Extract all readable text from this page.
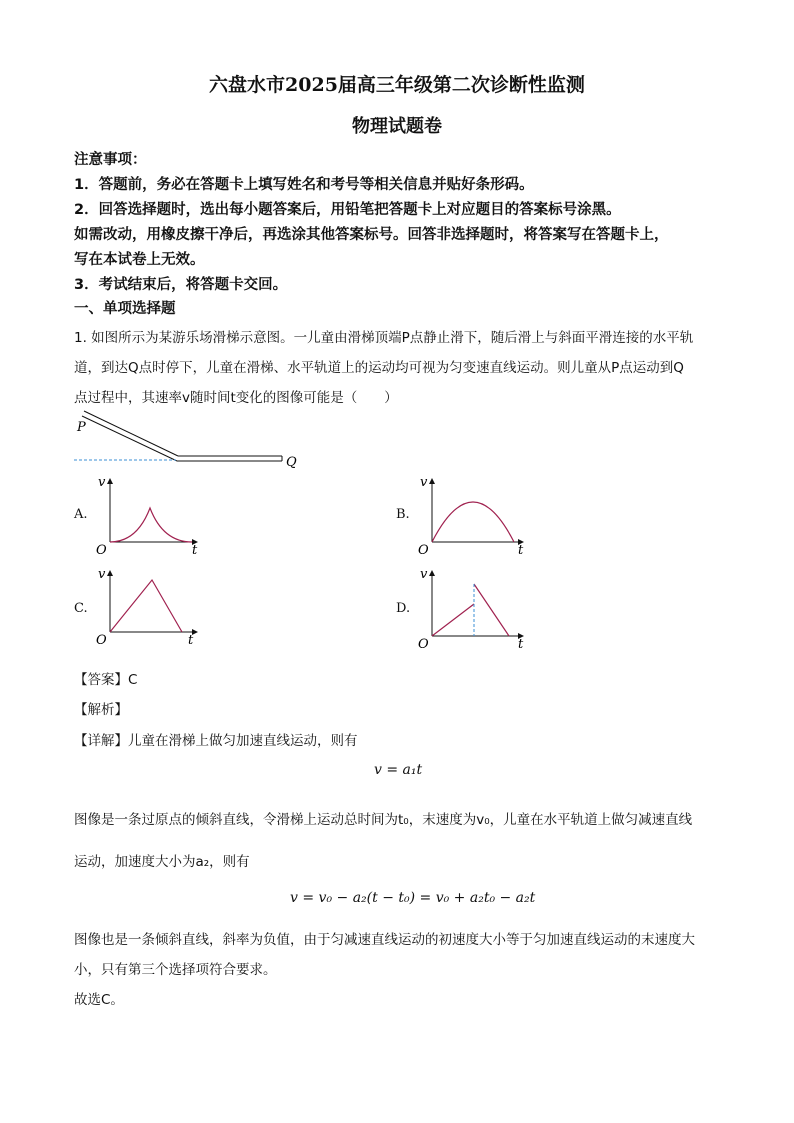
六盘水市2025届高三年级第二次诊断性监测
物理试题卷
注意事项：
1．答题前，务必在答题卡上填写姓名和考号等相关信息并贴好条形码。
2．回答选择题时，选出每小题答案后，用铅笔把答题卡上对应题目的答案标号涂黑。
如需改动，用橡皮擦干净后，再选涂其他答案标号。回答非选择题时，将答案写在答题卡上，
写在本试卷上无效。
3．考试结束后，将答题卡交回。
一、单项选择题
1. 如图所示为某游乐场滑梯示意图。一儿童由滑梯顶端P点静止滑下，随后滑上与斜面平滑连接的水平轨
道，到达Q点时停下，儿童在滑梯、水平轨道上的运动均可视为匀变速直线运动。则儿童从P点运动到Q
点过程中，其速率v随时间t变化的图像可能是（　　）
P
Q
A.
O
v
t
B.
O
v
t
C.
O
v
t
D.
O
v
t
【答案】C
【解析】
【详解】儿童在滑梯上做匀加速直线运动，则有
v = a₁t
图像是一条过原点的倾斜直线，令滑梯上运动总时间为t₀，末速度为v₀，儿童在水平轨道上做匀减速直线
运动，加速度大小为a₂，则有
v = v₀ − a₂(t − t₀) = v₀ + a₂t₀ − a₂t
图像也是一条倾斜直线，斜率为负值，由于匀减速直线运动的初速度大小等于匀加速直线运动的末速度大
小，只有第三个选择项符合要求。
故选C。
